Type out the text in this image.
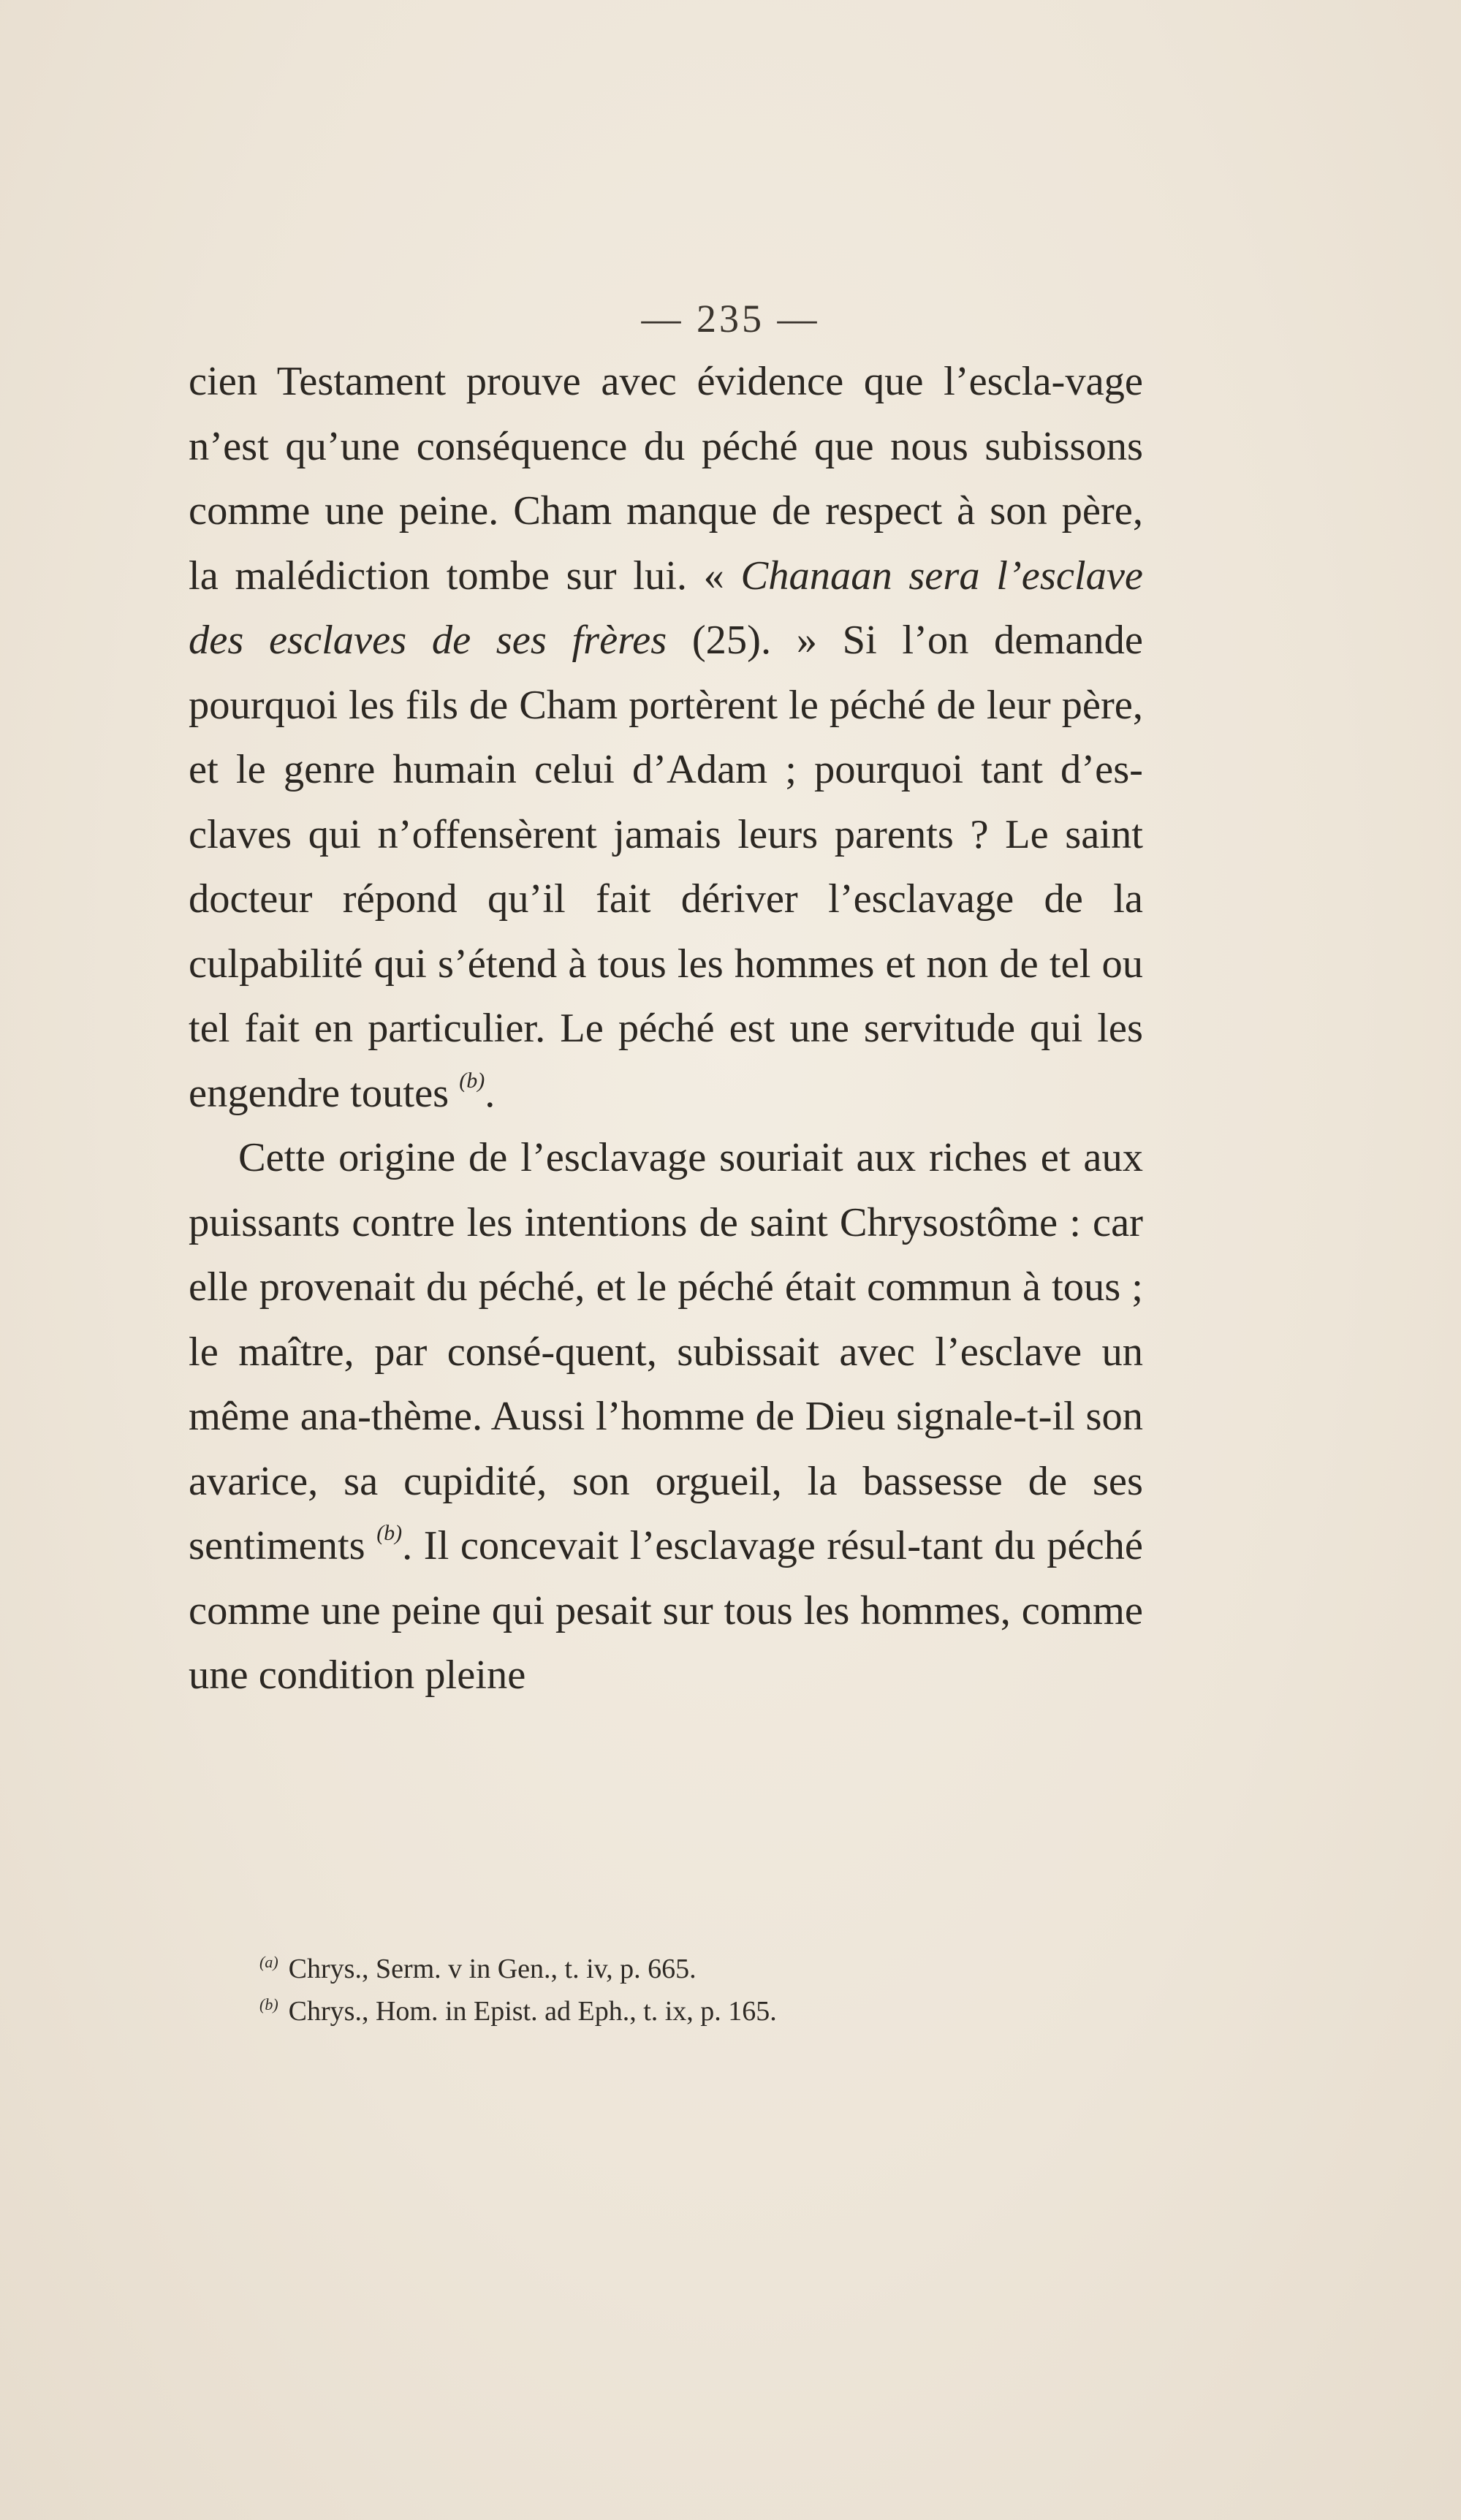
— 235 —

cien Testament prouve avec évidence que l’escla-vage n’est qu’une conséquence du péché que nous subissons comme une peine. Cham manque de respect à son père, la malédiction tombe sur lui. « Chanaan sera l’esclave des esclaves de ses frères (25). » Si l’on demande pourquoi les fils de Cham portèrent le péché de leur père, et le genre humain celui d’Adam ; pourquoi tant d’es-claves qui n’offensèrent jamais leurs parents ? Le saint docteur répond qu’il fait dériver l’esclavage de la culpabilité qui s’étend à tous les hommes et non de tel ou tel fait en particulier. Le péché est une servitude qui les engendre toutes $^{(b)}$.

Cette origine de l’esclavage souriait aux riches et aux puissants contre les intentions de saint Chrysostôme : car elle provenait du péché, et le péché était commun à tous ; le maître, par consé-quent, subissait avec l’esclave un même ana-thème. Aussi l’homme de Dieu signale-t-il son avarice, sa cupidité, son orgueil, la bassesse de ses sentiments $^{(b)}$. Il concevait l’esclavage résul-tant du péché comme une peine qui pesait sur tous les hommes, comme une condition pleine

$^{(a)}$ Chrys., Serm. v in Gen., t. iv, p. 665.
$^{(b)}$ Chrys., Hom. in Epist. ad Eph., t. ix, p. 165.
